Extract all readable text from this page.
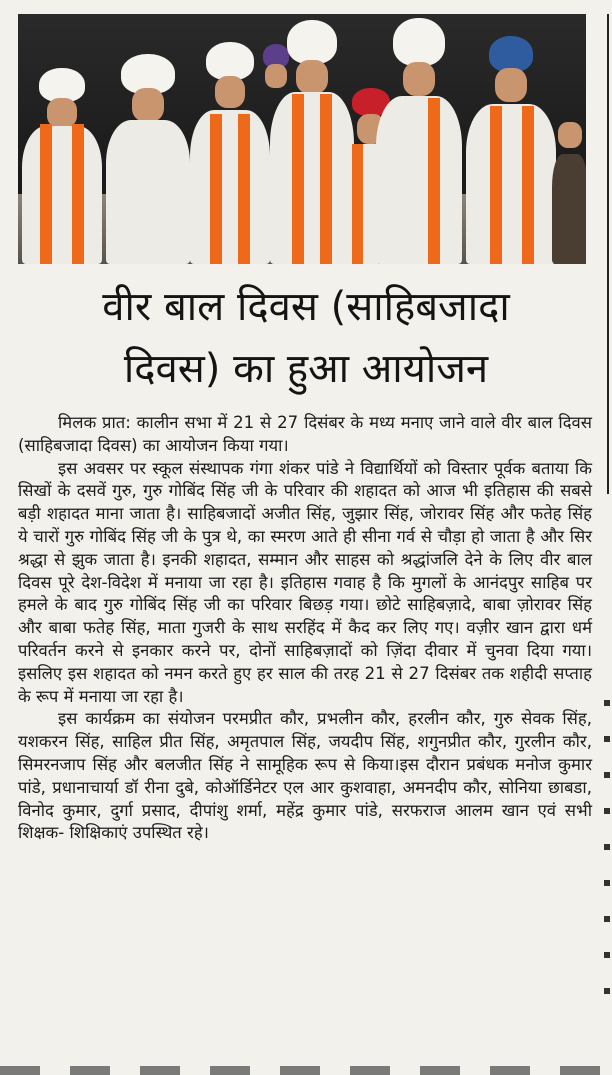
वीर बाल दिवस (साहिबजादा
दिवस) का हुआ आयोजन

मिलक प्रात: कालीन सभा में 21 से 27 दिसंबर के मध्य मनाए जाने वाले वीर बाल दिवस (साहिबजादा दिवस) का आयोजन किया गया।

इस अवसर पर स्कूल संस्थापक गंगा शंकर पांडे ने विद्यार्थियों को विस्तार पूर्वक बताया कि सिखों के दसवें गुरु, गुरु गोबिंद सिंह जी के परिवार की शहादत को आज भी इतिहास की सबसे बड़ी शहादत माना जाता है। साहिबजादों अजीत सिंह, जुझार सिंह, जोरावर सिंह और फतेह सिंह ये चारों गुरु गोबिंद सिंह जी के पुत्र थे, का स्मरण आते ही सीना गर्व से चौड़ा हो जाता है और सिर श्रद्धा से झुक जाता है। इनकी शहादत, सम्मान और साहस को श्रद्धांजलि देने के लिए वीर बाल दिवस पूरे देश-विदेश में मनाया जा रहा है। इतिहास गवाह है कि मुगलों के आनंदपुर साहिब पर हमले के बाद गुरु गोबिंद सिंह जी का परिवार बिछड़ गया। छोटे साहिबज़ादे, बाबा ज़ोरावर सिंह और बाबा फतेह सिंह, माता गुजरी के साथ सरहिंद में कैद कर लिए गए। वज़ीर खान द्वारा धर्म परिवर्तन करने से इनकार करने पर, दोनों साहिबज़ादों को ज़िंदा दीवार में चुनवा दिया गया। इसलिए इस शहादत को नमन करते हुए हर साल की तरह 21 से 27 दिसंबर तक शहीदी सप्ताह के रूप में मनाया जा रहा है।

इस कार्यक्रम का संयोजन परमप्रीत कौर, प्रभलीन कौर, हरलीन कौर, गुरु सेवक सिंह, यशकरन सिंह, साहिल प्रीत सिंह, अमृतपाल सिंह, जयदीप सिंह, शगुनप्रीत कौर, गुरलीन कौर, सिमरनजाप सिंह और बलजीत सिंह ने सामूहिक रूप से किया।इस दौरान प्रबंधक मनोज कुमार पांडे, प्रधानाचार्या डॉ रीना दुबे, कोऑर्डिनेटर एल आर कुशवाहा, अमनदीप कौर, सोनिया छाबडा, विनोद कुमार, दुर्गा प्रसाद, दीपांशु शर्मा, महेंद्र कुमार पांडे, सरफराज आलम खान एवं सभी शिक्षक- शिक्षिकाएं उपस्थित रहे।
